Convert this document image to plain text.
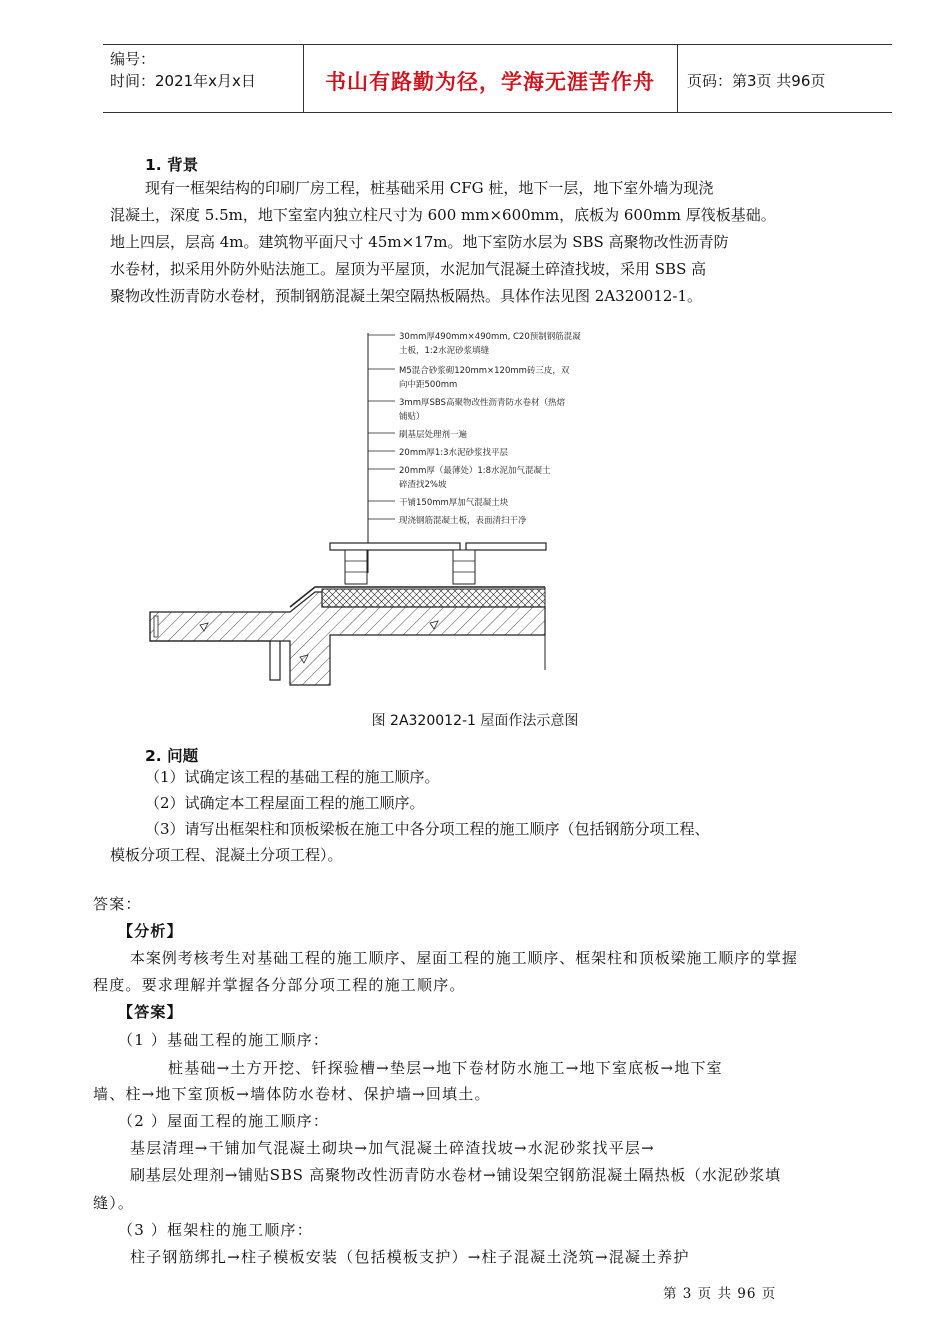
编号：
时间：2021年x月x日	书山有路勤为径，学海无涯苦作舟 页码：第3页 共96页
1. 背景
现有一框架结构的印刷厂房工程，桩基础采用 CFG 桩，地下一层，地下室外墙为现浇
混凝土，深度 5.5m，地下室室内独立柱尺寸为 600 mm×600mm，底板为 600mm 厚筏板基础。
地上四层，层高 4m。建筑物平面尺寸 45m×17m。地下室防水层为 SBS 高聚物改性沥青防
水卷材，拟采用外防外贴法施工。屋顶为平屋顶，水泥加气混凝土碎渣找坡，采用 SBS 高
聚物改性沥青防水卷材，预制钢筋混凝土架空隔热板隔热。具体作法见图 2A320012-1。
30mm厚490mm×490mm, C20预制钢筋混凝
土板，1:2水泥砂浆填缝
M5混合砂浆砌120mm×120mm砖三皮，双
向中距500mm
3mm厚SBS高聚物改性沥青防水卷材（热熔
铺贴）
刷基层处理剂一遍
20mm厚1:3水泥砂浆找平层
20mm厚（最薄处）1:8水泥加气混凝土
碎渣找2%坡
干铺150mm厚加气混凝土块
现浇钢筋混凝土板，表面清扫干净
图 2A320012-1 屋面作法示意图
2. 问题
（1）试确定该工程的基础工程的施工顺序。
（2）试确定本工程屋面工程的施工顺序。
（3）请写出框架柱和顶板梁板在施工中各分项工程的施工顺序（包括钢筋分项工程、
模板分项工程、混凝土分项工程）。
答案：
【分析】
本案例考核考生对基础工程的施工顺序、屋面工程的施工顺序、框架柱和顶板梁施工顺序的掌握
程度。要求理解并掌握各分部分项工程的施工顺序。
【答案】
（1 ）基础工程的施工顺序：
桩基础→土方开挖、钎探验槽→垫层→地下卷材防水施工→地下室底板→地下室
墙、柱→地下室顶板→墙体防水卷材、保护墙→回填土。
（2 ）屋面工程的施工顺序：
基层清理→干铺加气混凝土砌块→加气混凝土碎渣找坡→水泥砂浆找平层→
刷基层处理剂→铺贴SBS 高聚物改性沥青防水卷材→铺设架空钢筋混凝土隔热板（水泥砂浆填
缝）。
（3 ）框架柱的施工顺序：
柱子钢筋绑扎→柱子模板安装（包括模板支护）→柱子混凝土浇筑→混凝土养护
第 3 页 共 96 页
